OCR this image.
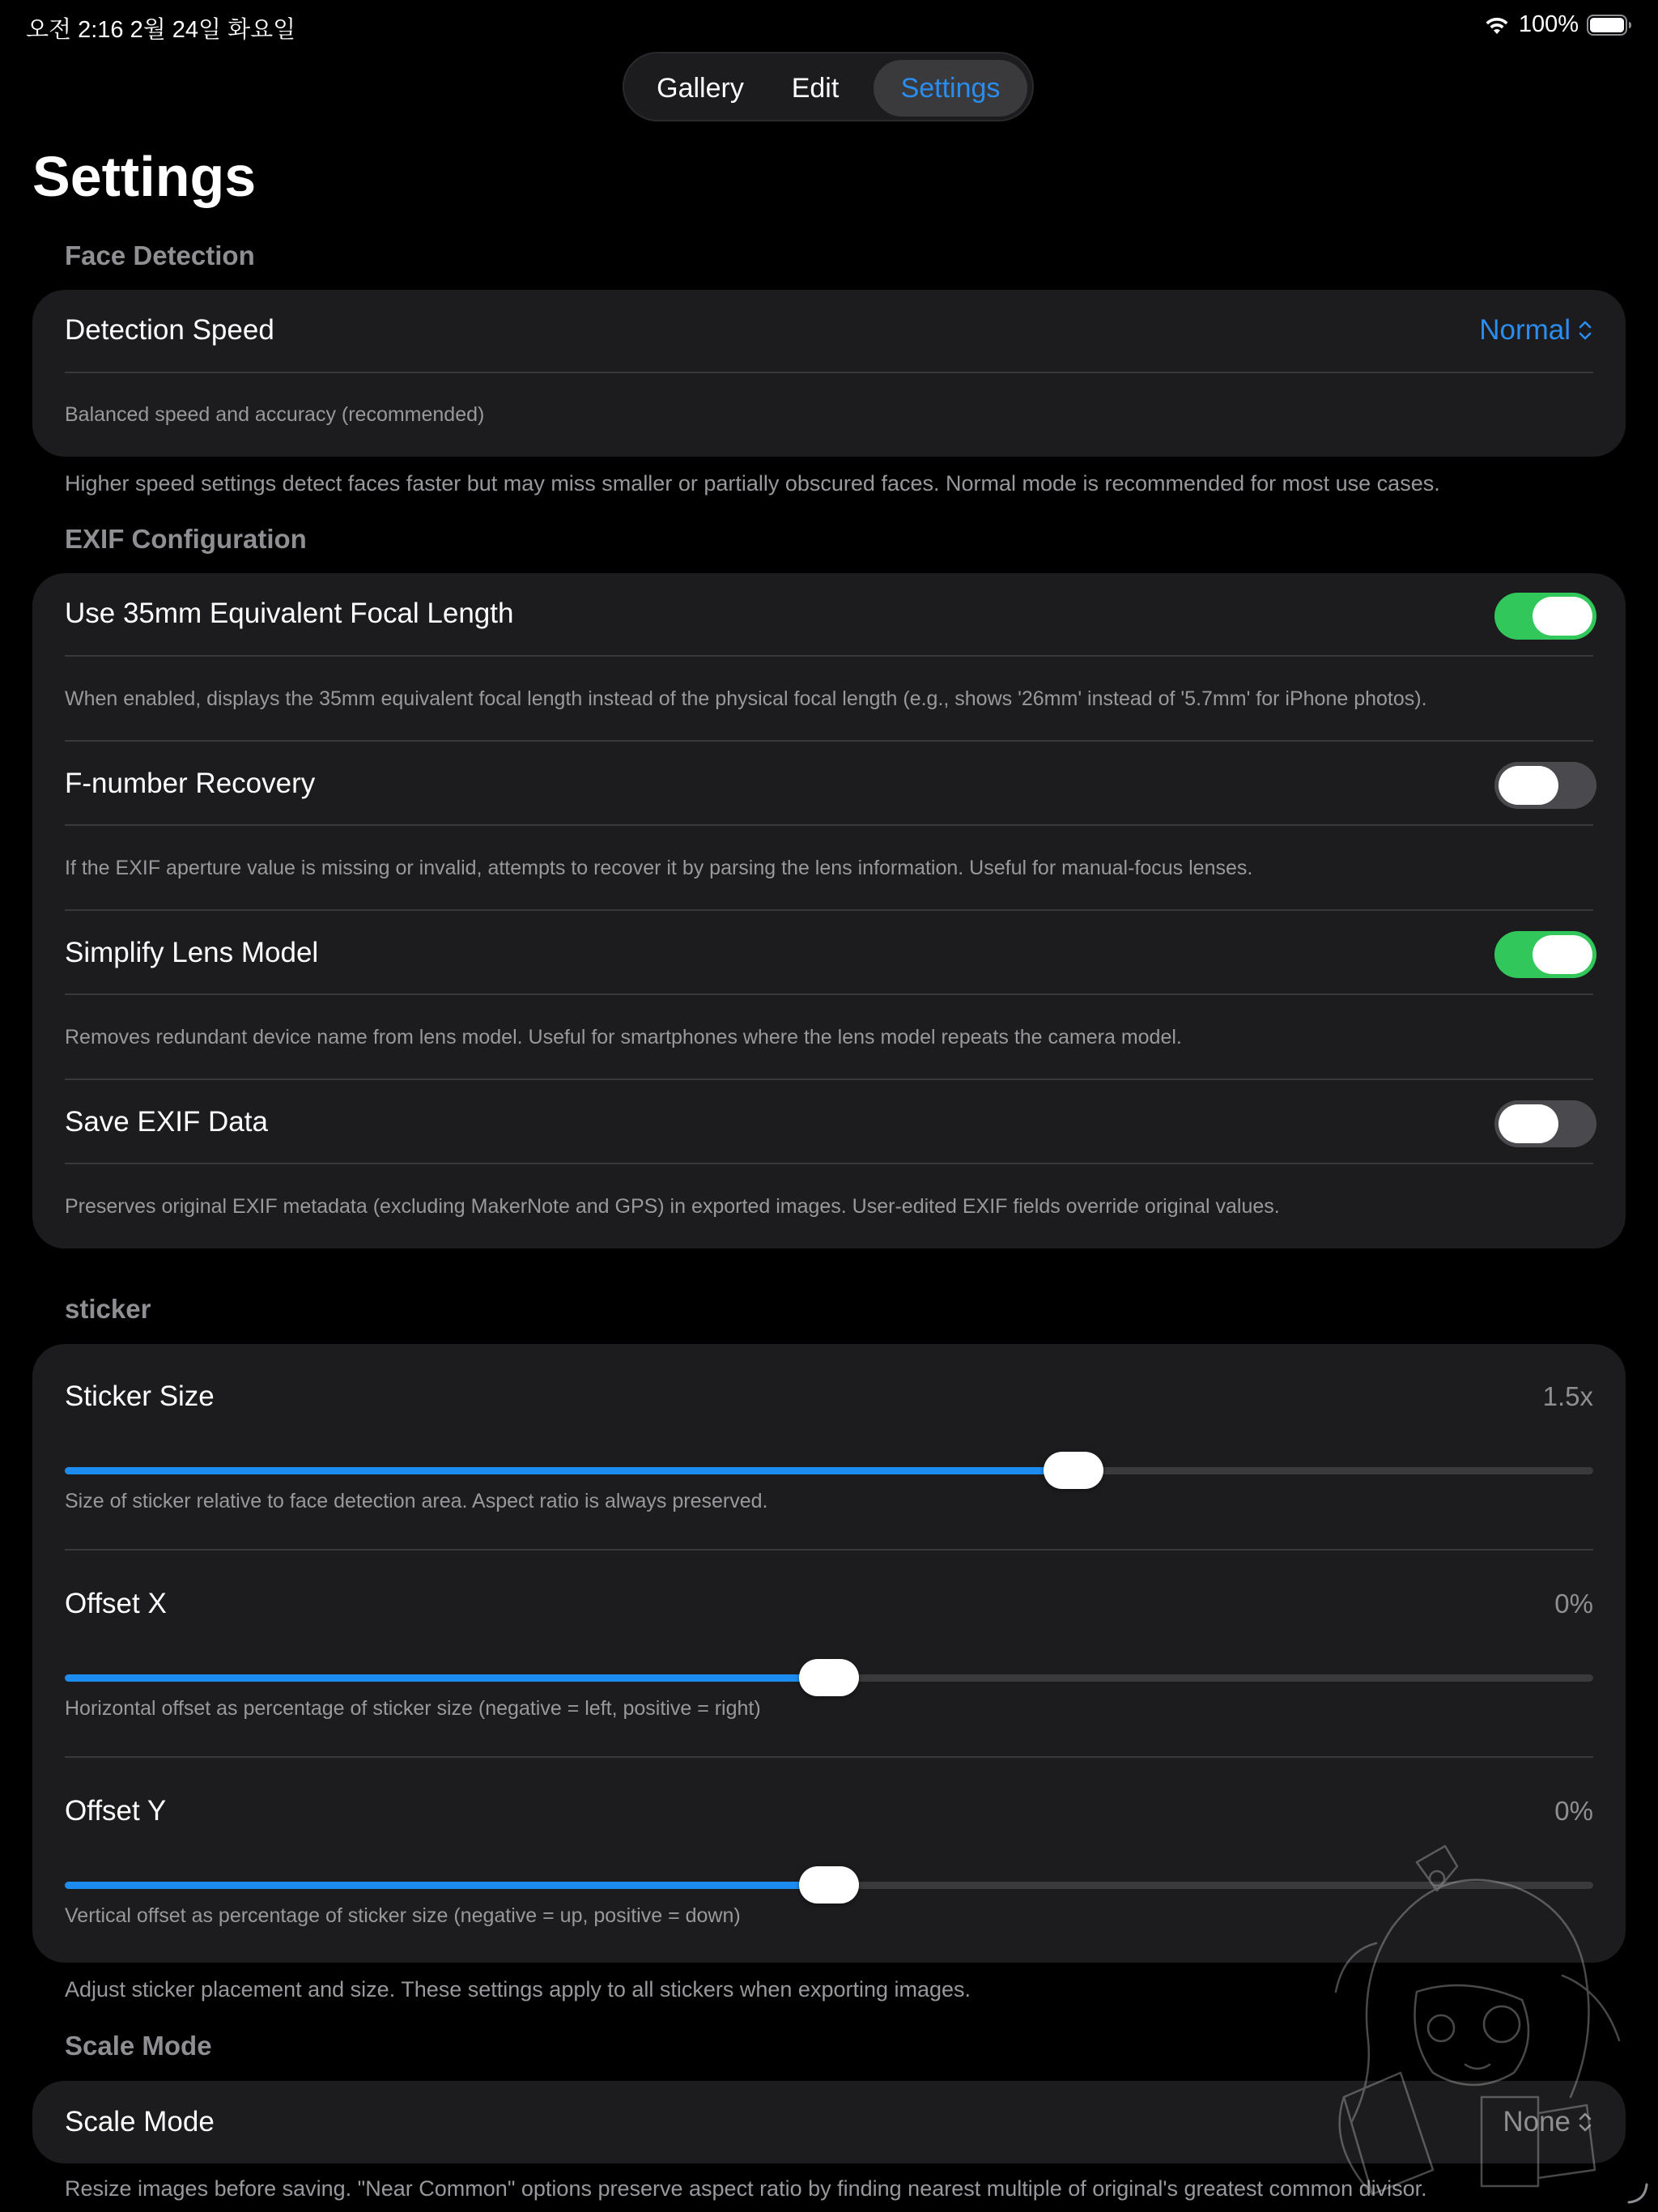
오전 2:16 2월 24일 화요일	100%
Gallery	Edit	Settings
Settings
Face Detection
Detection Speed	Normal
Balanced speed and accuracy (recommended)
Higher speed settings detect faces faster but may miss smaller or partially obscured faces. Normal mode is recommended for most use cases.
EXIF Configuration
Use 35mm Equivalent Focal Length
When enabled, displays the 35mm equivalent focal length instead of the physical focal length (e.g., shows '26mm' instead of '5.7mm' for iPhone photos).
F-number Recovery
If the EXIF aperture value is missing or invalid, attempts to recover it by parsing the lens information. Useful for manual-focus lenses.
Simplify Lens Model
Removes redundant device name from lens model. Useful for smartphones where the lens model repeats the camera model.
Save EXIF Data
Preserves original EXIF metadata (excluding MakerNote and GPS) in exported images. User-edited EXIF fields override original values.
sticker
Sticker Size	1.5x
Size of sticker relative to face detection area. Aspect ratio is always preserved.
Offset X	0%
Horizontal offset as percentage of sticker size (negative = left, positive = right)
Offset Y	0%
Vertical offset as percentage of sticker size (negative = up, positive = down)
Adjust sticker placement and size. These settings apply to all stickers when exporting images.
Scale Mode
Scale Mode	None
Resize images before saving. "Near Common" options preserve aspect ratio by finding nearest multiple of original's greatest common divisor.
